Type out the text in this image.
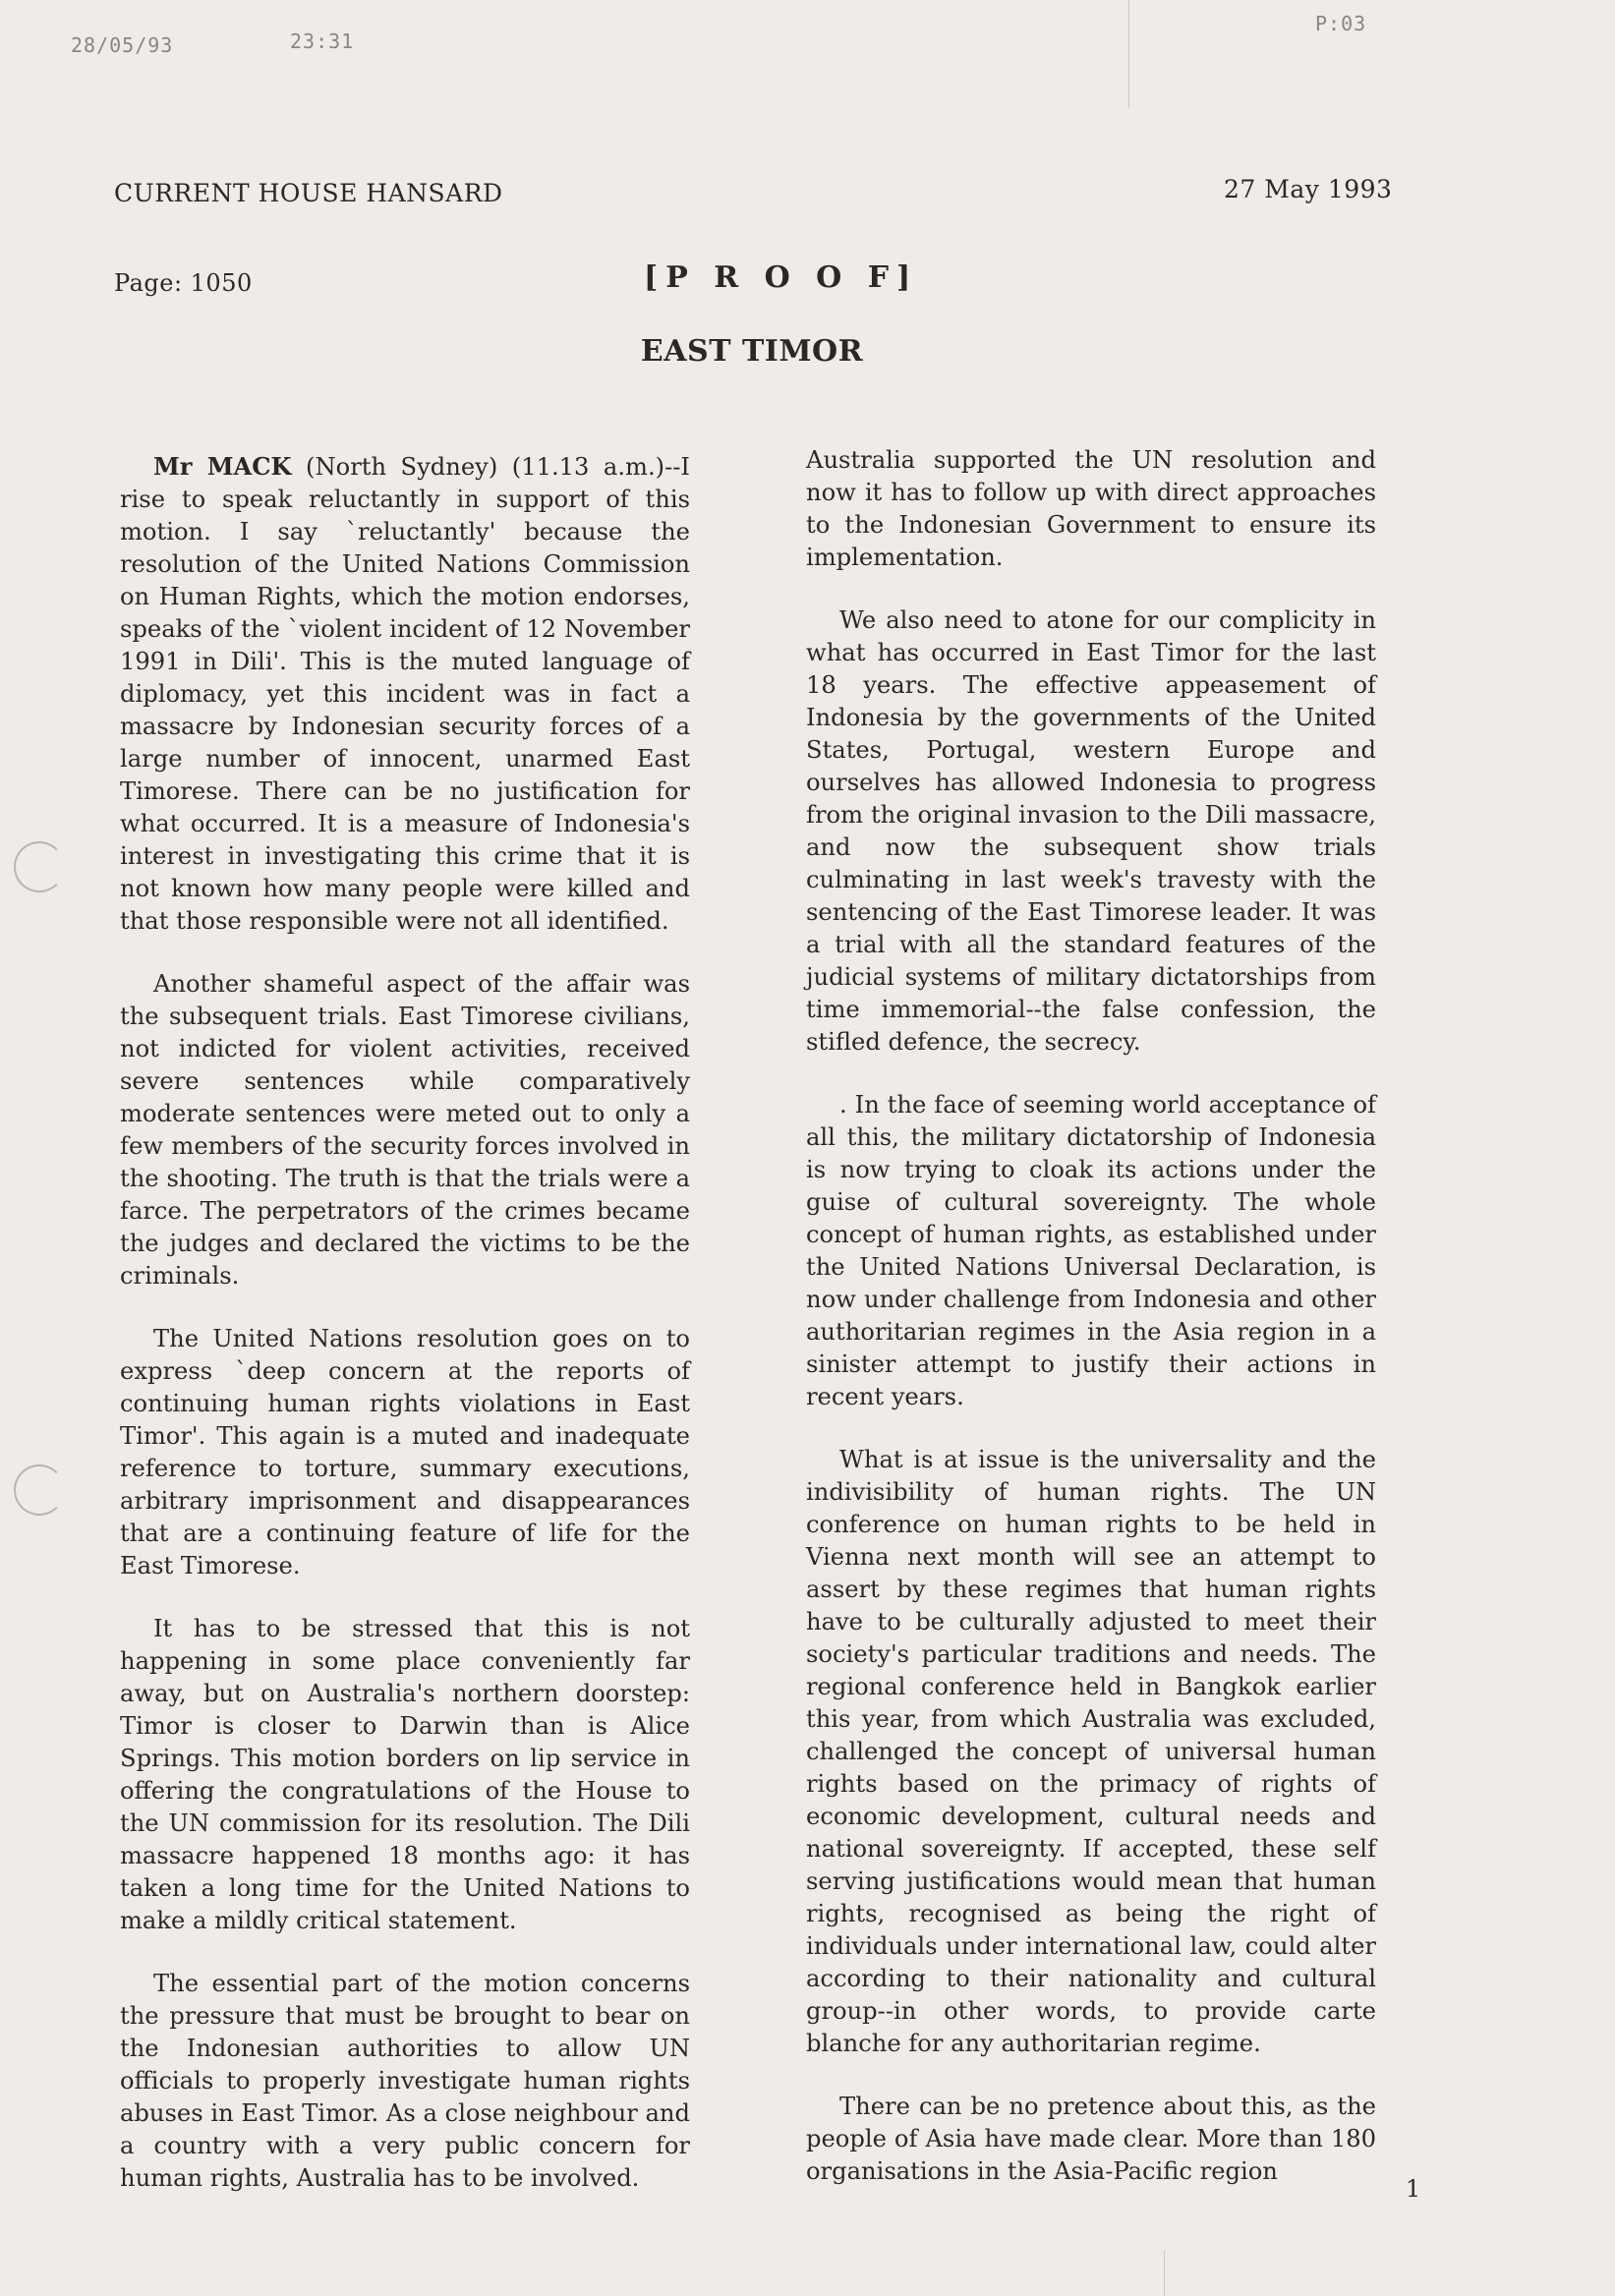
28/05/93	23:31
P:03
CURRENT HOUSE HANSARD	27 May 1993
Page: 1050	[P R O O F]
EAST TIMOR

Mr MACK (North Sydney) (11.13 a.m.)--I rise to speak reluctantly in support of this motion. I say `reluctantly' because the resolution of the United Nations Commission on Human Rights, which the motion endorses, speaks of the `violent incident of 12 November 1991 in Dili'. This is the muted language of diplomacy, yet this incident was in fact a massacre by Indonesian security forces of a large number of innocent, unarmed East Timorese. There can be no justification for what occurred. It is a measure of Indonesia's interest in investigating this crime that it is not known how many people were killed and that those responsible were not all identified.

Another shameful aspect of the affair was the subsequent trials. East Timorese civilians, not indicted for violent activities, received severe sentences while comparatively moderate sentences were meted out to only a few members of the security forces involved in the shooting. The truth is that the trials were a farce. The perpetrators of the crimes became the judges and declared the victims to be the criminals.

The United Nations resolution goes on to express `deep concern at the reports of continuing human rights violations in East Timor'. This again is a muted and inadequate reference to torture, summary executions, arbitrary imprisonment and disappearances that are a continuing feature of life for the East Timorese.

It has to be stressed that this is not happening in some place conveniently far away, but on Australia's northern doorstep: Timor is closer to Darwin than is Alice Springs. This motion borders on lip service in offering the congratulations of the House to the UN commission for its resolution. The Dili massacre happened 18 months ago: it has taken a long time for the United Nations to make a mildly critical statement.

The essential part of the motion concerns the pressure that must be brought to bear on the Indonesian authorities to allow UN officials to properly investigate human rights abuses in East Timor. As a close neighbour and a country with a very public concern for human rights, Australia has to be involved.

Australia supported the UN resolution and now it has to follow up with direct approaches to the Indonesian Government to ensure its implementation.

We also need to atone for our complicity in what has occurred in East Timor for the last 18 years. The effective appeasement of Indonesia by the governments of the United States, Portugal, western Europe and ourselves has allowed Indonesia to progress from the original invasion to the Dili massacre, and now the subsequent show trials culminating in last week's travesty with the sentencing of the East Timorese leader. It was a trial with all the standard features of the judicial systems of military dictatorships from time immemorial--the false confession, the stifled defence, the secrecy.

. In the face of seeming world acceptance of all this, the military dictatorship of Indonesia is now trying to cloak its actions under the guise of cultural sovereignty. The whole concept of human rights, as established under the United Nations Universal Declaration, is now under challenge from Indonesia and other authoritarian regimes in the Asia region in a sinister attempt to justify their actions in recent years.

What is at issue is the universality and the indivisibility of human rights. The UN conference on human rights to be held in Vienna next month will see an attempt to assert by these regimes that human rights have to be culturally adjusted to meet their society's particular traditions and needs. The regional conference held in Bangkok earlier this year, from which Australia was excluded, challenged the concept of universal human rights based on the primacy of rights of economic development, cultural needs and national sovereignty. If accepted, these self serving justifications would mean that human rights, recognised as being the right of individuals under international law, could alter according to their nationality and cultural group--in other words, to provide carte blanche for any authoritarian regime.

There can be no pretence about this, as the people of Asia have made clear. More than 180 organisations in the Asia-Pacific region

1
